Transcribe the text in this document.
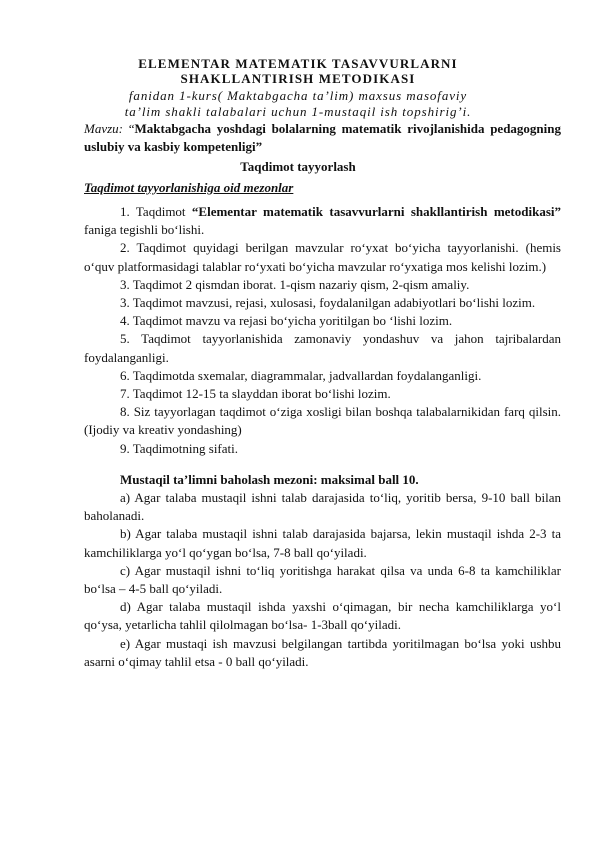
ELEMENTAR MATEMATIK TASAVVURLARNI
SHAKLLANTIRISH METODIKASI
fanidan 1-kurs( Maktabgacha ta’lim) maxsus masofaviy
ta’lim shakli talabalari uchun 1-mustaqil ish topshirig’i.
Mavzu: “Maktabgacha yoshdagi bolalarning matematik rivojlanishida pedagogning uslubiy va kasbiy kompetenligi”
Taqdimot tayyorlash
Taqdimot tayyorlanishiga oid mezonlar

1. Taqdimot “Elementar matematik tasavvurlarni shakllantirish metodikasi” faniga tegishli bo‘lishi.

2. Taqdimot quyidagi berilgan mavzular ro‘yxat bo‘yicha tayyorlanishi. (hemis o‘quv platformasidagi talablar ro‘yxati bo‘yicha mavzular ro‘yxatiga mos kelishi lozim.)

3. Taqdimot 2 qismdan iborat. 1-qism nazariy qism, 2-qism amaliy.

3. Taqdimot mavzusi, rejasi, xulosasi, foydalanilgan adabiyotlari bo‘lishi lozim.

4. Taqdimot mavzu va rejasi bo‘yicha yoritilgan bo ‘lishi lozim.

5. Taqdimot tayyorlanishida zamonaviy yondashuv va jahon tajribalardan foydalanganligi.

6. Taqdimotda sxemalar, diagrammalar, jadvallardan foydalanganligi.

7. Taqdimot 12-15 ta slayddan iborat bo‘lishi lozim.

8. Siz tayyorlagan taqdimot o‘ziga xosligi bilan boshqa talabalarnikidan farq qilsin. (Ijodiy va kreativ yondashing)

9. Taqdimotning sifati.

Mustaqil ta’limni baholash mezoni: maksimal ball 10.

a) Agar talaba mustaqil ishni talab darajasida to‘liq, yoritib bersa, 9-10 ball bilan baholanadi.

b) Agar talaba mustaqil ishni talab darajasida bajarsa, lekin mustaqil ishda 2-3 ta kamchiliklarga yo‘l qo‘ygan bo‘lsa, 7-8 ball qo‘yiladi.

c) Agar mustaqil ishni to‘liq yoritishga harakat qilsa va unda 6-8 ta kamchiliklar bo‘lsa – 4-5 ball qo‘yiladi.

d) Agar talaba mustaqil ishda yaxshi o‘qimagan, bir necha kamchiliklarga yo‘l qo‘ysa, yetarlicha tahlil qilolmagan bo‘lsa- 1-3ball qo‘yiladi.

e) Agar mustaqi ish mavzusi belgilangan tartibda yoritilmagan bo‘lsa yoki ushbu asarni o‘qimay tahlil etsa - 0 ball qo‘yiladi.
